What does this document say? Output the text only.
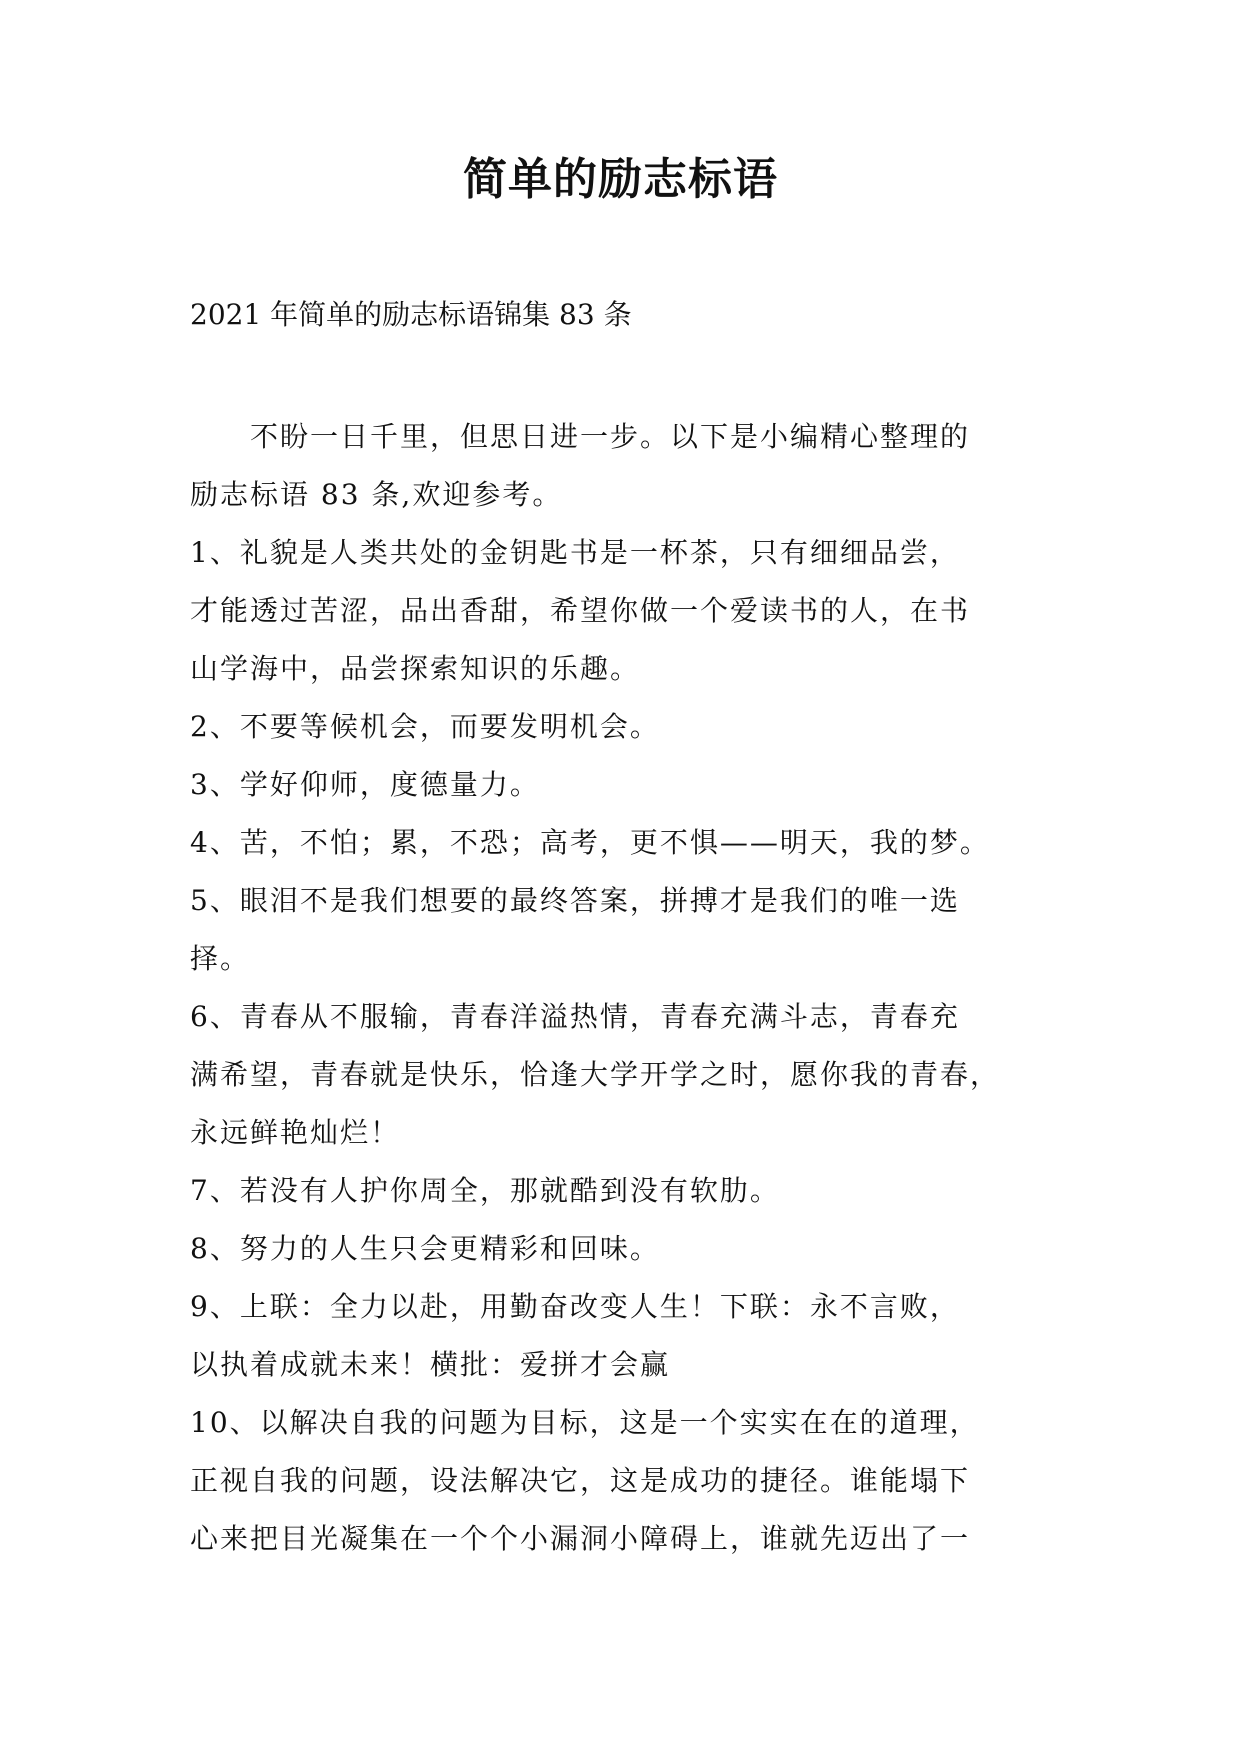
简单的励志标语
2021 年简单的励志标语锦集 83 条
　　不盼一日千里，但思日进一步。以下是小编精心整理的
励志标语 83 条,欢迎参考。
1、礼貌是人类共处的金钥匙书是一杯茶，只有细细品尝，
才能透过苦涩，品出香甜，希望你做一个爱读书的人，在书
山学海中，品尝探索知识的乐趣。
2、不要等候机会，而要发明机会。
3、学好仰师，度德量力。
4、苦，不怕；累，不恐；高考，更不惧——明天，我的梦。
5、眼泪不是我们想要的最终答案，拼搏才是我们的唯一选
择。
6、青春从不服输，青春洋溢热情，青春充满斗志，青春充
满希望，青春就是快乐，恰逢大学开学之时，愿你我的青春，
永远鲜艳灿烂！
7、若没有人护你周全，那就酷到没有软肋。
8、努力的人生只会更精彩和回味。
9、上联：全力以赴，用勤奋改变人生！下联：永不言败，
以执着成就未来！横批：爱拼才会赢
10、以解决自我的问题为目标，这是一个实实在在的道理，
正视自我的问题，设法解决它，这是成功的捷径。谁能塌下
心来把目光凝集在一个个小漏洞小障碍上，谁就先迈出了一
